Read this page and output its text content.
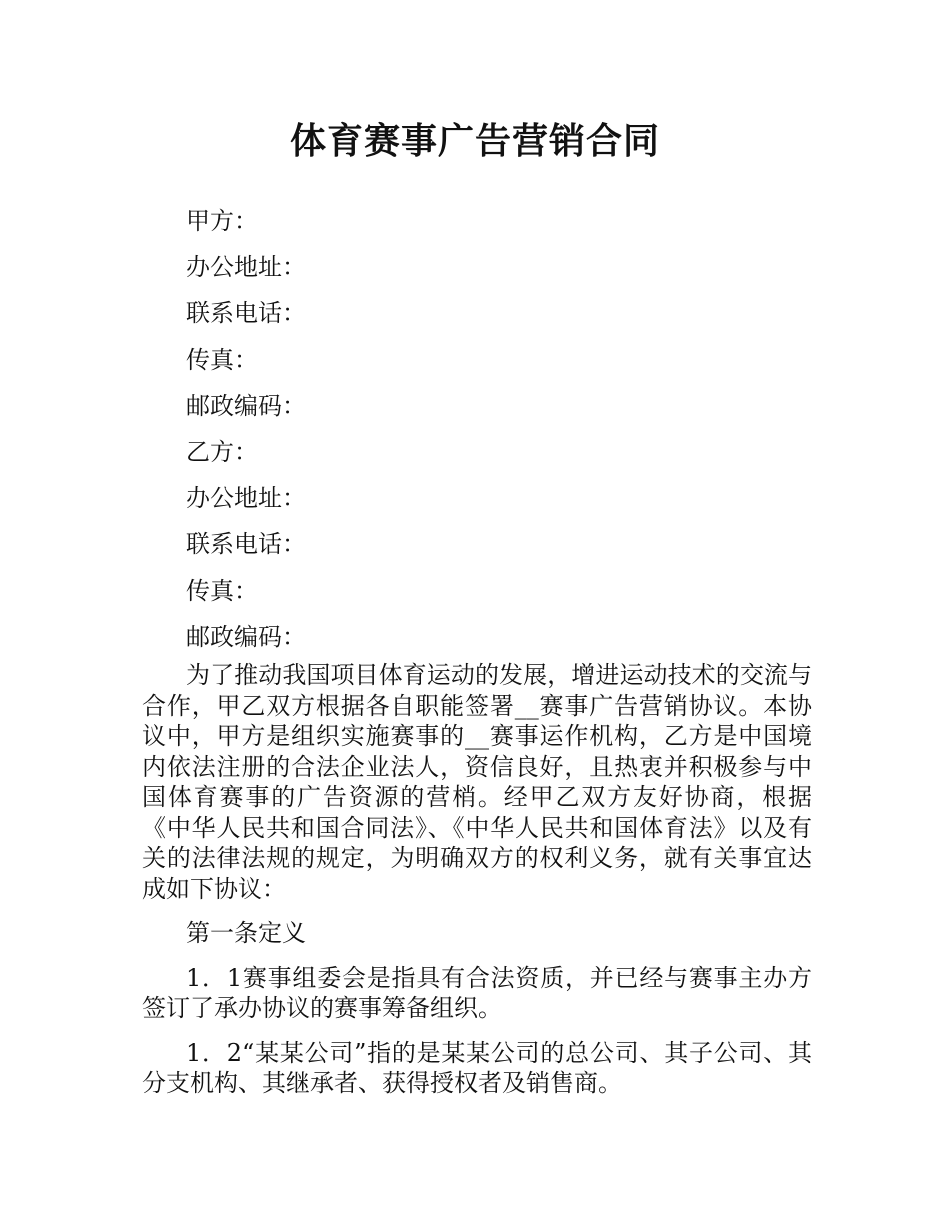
体育赛事广告营销合同
甲方：
办公地址：
联系电话：
传真：
邮政编码：
乙方：
办公地址：
联系电话：
传真：
邮政编码：

为了推动我国项目体育运动的发展，增进运动技术的交流与合作，甲乙双方根据各自职能签署__赛事广告营销协议。本协议中，甲方是组织实施赛事的__赛事运作机构，乙方是中国境内依法注册的合法企业法人，资信良好，且热衷并积极参与中国体育赛事的广告资源的营梢。经甲乙双方友好协商，根据《中华人民共和国合同法》、《中华人民共和国体育法》以及有关的法律法规的规定，为明确双方的权利义务，就有关事宜达成如下协议：

第一条定义

1．1赛事组委会是指具有合法资质，并已经与赛事主办方签订了承办协议的赛事筹备组织。

1．2“某某公司”指的是某某公司的总公司、其子公司、其分支机构、其继承者、获得授权者及销售商。
